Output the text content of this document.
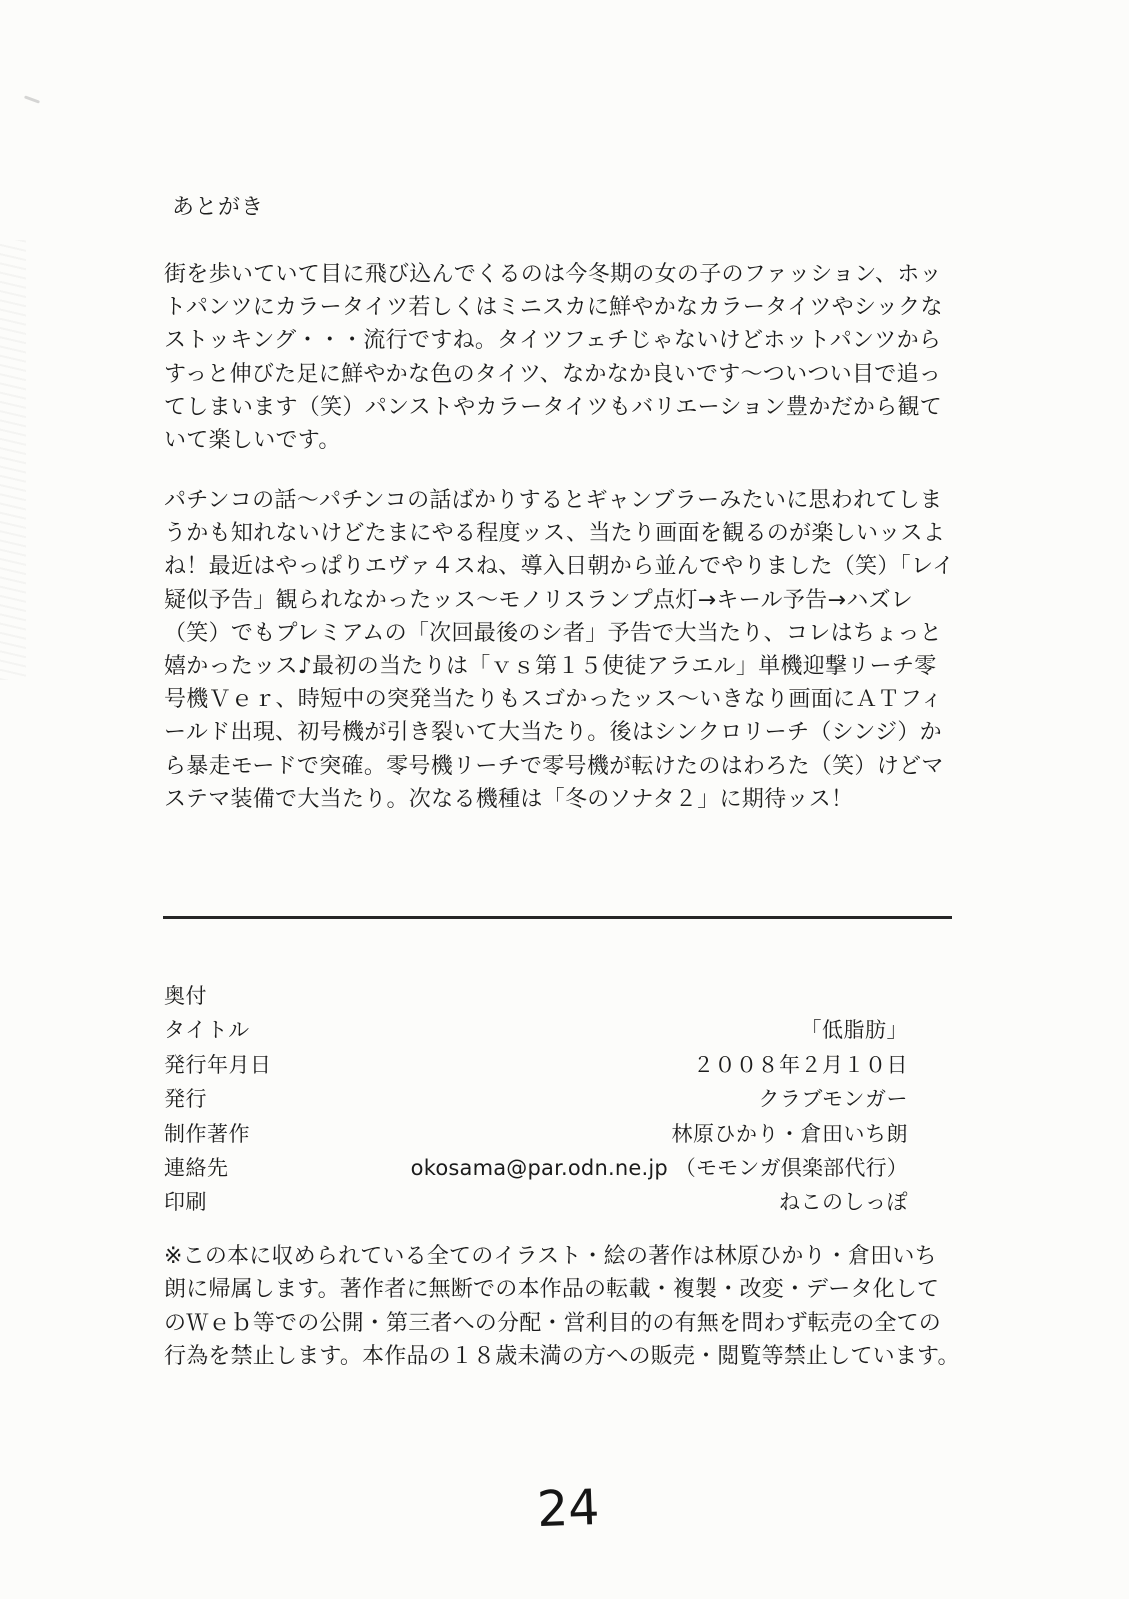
あとがき
街を歩いていて目に飛び込んでくるのは今冬期の女の子のファッション、ホッ
トパンツにカラータイツ若しくはミニスカに鮮やかなカラータイツやシックな
ストッキング・・・流行ですね。タイツフェチじゃないけどホットパンツから
すっと伸びた足に鮮やかな色のタイツ、なかなか良いです～ついつい目で追っ
てしまいます（笑）パンストやカラータイツもバリエーション豊かだから観て
いて楽しいです。
パチンコの話～パチンコの話ばかりするとギャンブラーみたいに思われてしま
うかも知れないけどたまにやる程度ッス、当たり画面を観るのが楽しいッスよ
ね！最近はやっぱりエヴァ４スね、導入日朝から並んでやりました（笑）「レイ
疑似予告」観られなかったッス～モノリスランプ点灯→キール予告→ハズレ
（笑）でもプレミアムの「次回最後のシ者」予告で大当たり、コレはちょっと
嬉かったッス♪最初の当たりは「ｖｓ第１５使徒アラエル」単機迎撃リーチ零
号機Ｖｅｒ、時短中の突発当たりもスゴかったッス～いきなり画面にＡＴフィ
ールド出現、初号機が引き裂いて大当たり。後はシンクロリーチ（シンジ）か
ら暴走モードで突確。零号機リーチで零号機が転けたのはわろた（笑）けどマ
ステマ装備で大当たり。次なる機種は「冬のソナタ２」に期待ッス！
奥付
タイトル	「低脂肪」
発行年月日	２００８年２月１０日
発行	クラブモンガー
制作著作	林原ひかり・倉田いち朗
連絡先	okosama@par.odn.ne.jp （モモンガ倶楽部代行）
印刷	ねこのしっぽ
※この本に収められている全てのイラスト・絵の著作は林原ひかり・倉田いち
朗に帰属します。著作者に無断での本作品の転載・複製・改変・データ化して
のＷｅｂ等での公開・第三者への分配・営利目的の有無を問わず転売の全ての
行為を禁止します。本作品の１８歳未満の方への販売・閲覧等禁止しています。
24
